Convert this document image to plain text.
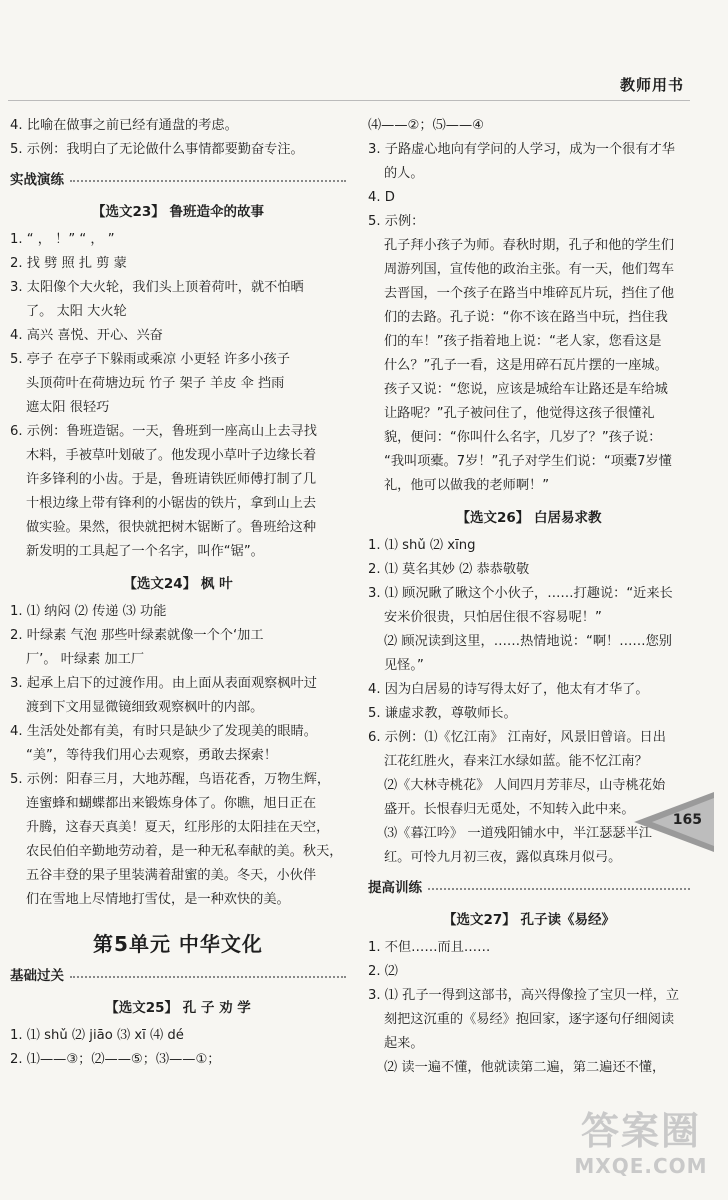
教师用书
4. 比喻在做事之前已经有通盘的考虑。
5. 示例：我明白了无论做什么事情都要勤奋专注。
实战演练
【选文23】 鲁班造伞的故事
1. “ ， ！” “ ， ”
2. 找 劈 照 扎 剪 蒙
3. 太阳像个大火轮，我们头上顶着荷叶，就不怕晒
了。 太阳 大火轮
4. 高兴 喜悦、开心、兴奋
5. 亭子 在亭子下躲雨或乘凉 小更轻 许多小孩子
头顶荷叶在荷塘边玩 竹子 架子 羊皮 伞 挡雨
遮太阳 很轻巧
6. 示例：鲁班造锯。一天，鲁班到一座高山上去寻找
木料，手被草叶划破了。他发现小草叶子边缘长着
许多锋利的小齿。于是，鲁班请铁匠师傅打制了几
十根边缘上带有锋利的小锯齿的铁片，拿到山上去
做实验。果然，很快就把树木锯断了。鲁班给这种
新发明的工具起了一个名字，叫作“锯”。
【选文24】 枫 叶
1. ⑴ 纳闷 ⑵ 传递 ⑶ 功能
2. 叶绿素 气泡 那些叶绿素就像一个个‘加工
厂’。 叶绿素 加工厂
3. 起承上启下的过渡作用。由上面从表面观察枫叶过
渡到下文用显微镜细致观察枫叶的内部。
4. 生活处处都有美，有时只是缺少了发现美的眼睛。
“美”，等待我们用心去观察，勇敢去探索！
5. 示例：阳春三月，大地苏醒，鸟语花香，万物生辉，
连蜜蜂和蝴蝶都出来锻炼身体了。你瞧，旭日正在
升腾，这春天真美！夏天，红彤彤的太阳挂在天空，
农民伯伯辛勤地劳动着，是一种无私奉献的美。秋天，
五谷丰登的果子里装满着甜蜜的美。冬天，小伙伴
们在雪地上尽情地打雪仗，是一种欢快的美。
第5单元 中华文化
基础过关
【选文25】 孔 子 劝 学
1. ⑴ shǔ ⑵ jiāo ⑶ xī ⑷ dé
2. ⑴——③；⑵——⑤；⑶——①；
⑷——②；⑸——④
3. 子路虚心地向有学问的人学习，成为一个很有才华
的人。
4. D
5. 示例：
孔子拜小孩子为师。春秋时期，孔子和他的学生们
周游列国，宣传他的政治主张。有一天，他们驾车
去晋国，一个孩子在路当中堆碎瓦片玩，挡住了他
们的去路。孔子说：“你不该在路当中玩，挡住我
们的车！”孩子指着地上说：“老人家，您看这是
什么？”孔子一看，这是用碎石瓦片摆的一座城。
孩子又说：“您说，应该是城给车让路还是车给城
让路呢？”孔子被问住了，他觉得这孩子很懂礼
貌，便问：“你叫什么名字，几岁了？”孩子说：
“我叫项橐。7岁！”孔子对学生们说：“项橐7岁懂
礼，他可以做我的老师啊！”
【选文26】 白居易求教
1. ⑴ shǔ ⑵ xīng
2. ⑴ 莫名其妙 ⑵ 恭恭敬敬
3. ⑴ 顾况瞅了瞅这个小伙子，……打趣说：“近来长
安米价很贵，只怕居住很不容易呢！”
⑵ 顾况读到这里，……热情地说：“啊！……您别
见怪。”
4. 因为白居易的诗写得太好了，他太有才华了。
5. 谦虚求教，尊敬师长。
6. 示例：⑴《忆江南》 江南好，风景旧曾谙。日出
江花红胜火，春来江水绿如蓝。能不忆江南？
⑵《大林寺桃花》 人间四月芳菲尽，山寺桃花始
盛开。长恨春归无觅处，不知转入此中来。
⑶《暮江吟》 一道残阳铺水中，半江瑟瑟半江
红。可怜九月初三夜，露似真珠月似弓。
提高训练
【选文27】 孔子读《易经》
1. 不但……而且……
2. ⑵
3. ⑴ 孔子一得到这部书，高兴得像捡了宝贝一样，立
刻把这沉重的《易经》抱回家，逐字逐句仔细阅读
起来。
⑵ 读一遍不懂，他就读第二遍，第二遍还不懂，
165
答案圈
MXQE.COM
